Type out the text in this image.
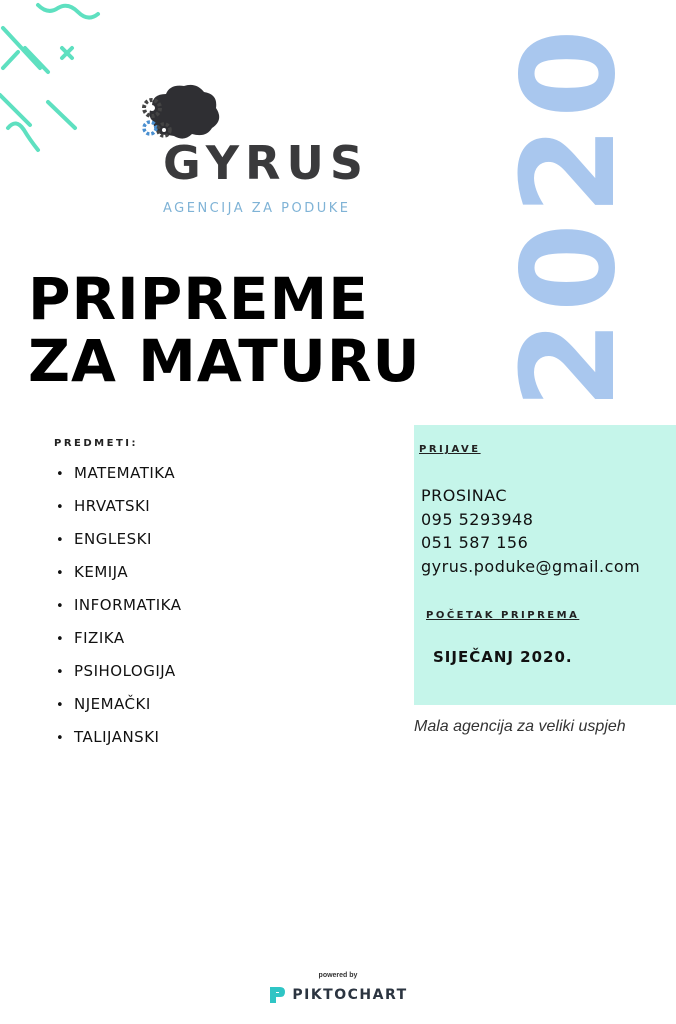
GYRUS
AGENCIJA ZA PODUKE 2020
PRIPREME
ZA MATURU
PREDMETI:
• MATEMATIKA
• HRVATSKI
• ENGLESKI
• KEMIJA
• INFORMATIKA
• FIZIKA
• PSIHOLOGIJA
• NJEMAČKI
• TALIJANSKI
PRIJAVE
PROSINAC
095 5293948
051 587 156
gyrus.poduke@gmail.com
POČETAK PRIPREMA
SIJEČANJ 2020.
Mala agencija za veliki uspjeh
powered by
PIKTOCHART
